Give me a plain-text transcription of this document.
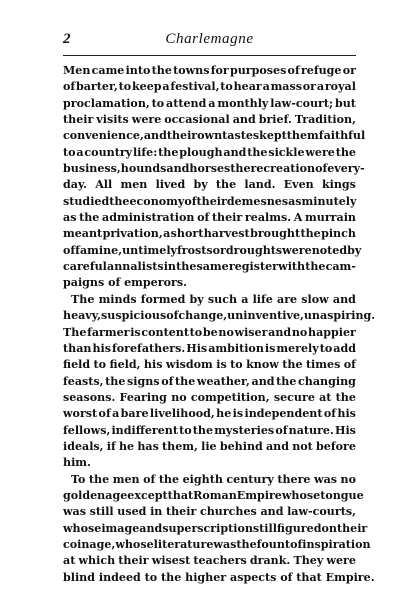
2	Charlemagne
Men came into the towns for purposes of refuge or
of barter, to keep a festival, to hear a mass or a royal
proclamation, to attend a monthly law-court; but
their visits were occasional and brief. Tradition,
convenience, and their own tastes kept them faithful
to a country life: the plough and the sickle were the
business, hounds and horses the recreation of every-
day. All men lived by the land. Even kings
studied the economy of their demesnes as minutely
as the administration of their realms. A murrain
meant privation, a short harvest brought the pinch
of famine, untimely frosts or droughts were noted by
careful annalists in the same register with the cam-
paigns of emperors.
The minds formed by such a life are slow and
heavy, suspicious of change, uninventive, unaspiring.
The farmer is content to be no wiser and no happier
than his forefathers. His ambition is merely to add
field to field, his wisdom is to know the times of
feasts, the signs of the weather, and the changing
seasons. Fearing no competition, secure at the
worst of a bare livelihood, he is independent of his
fellows, indifferent to the mysteries of nature. His
ideals, if he has them, lie behind and not before
him.
To the men of the eighth century there was no
golden age except that Roman Empire whose tongue
was still used in their churches and law-courts,
whose image and superscription still figured on their
coinage, whose literature was the fount of inspiration
at which their wisest teachers drank. They were
blind indeed to the higher aspects of that Empire.
